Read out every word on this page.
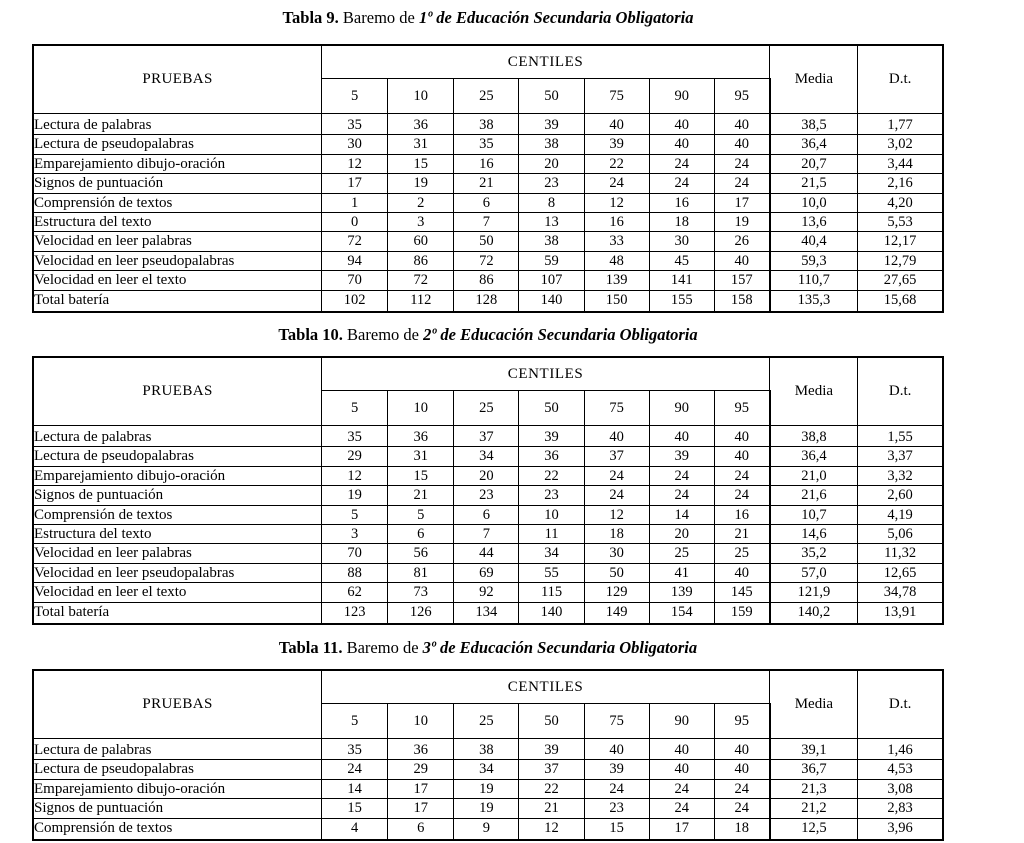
Tabla 9. Baremo de 1º de Educación Secundaria Obligatoria
PRUEBAS	CENTILES							Media	D.t.
	5	10	25	50	75	90	95		
Lectura de palabras	35	36	38	39	40	40	40	38,5	1,77
Lectura de pseudopalabras	30	31	35	38	39	40	40	36,4	3,02
Emparejamiento dibujo-oración	12	15	16	20	22	24	24	20,7	3,44
Signos de puntuación	17	19	21	23	24	24	24	21,5	2,16
Comprensión de textos	1	2	6	8	12	16	17	10,0	4,20
Estructura del texto	0	3	7	13	16	18	19	13,6	5,53
Velocidad en leer palabras	72	60	50	38	33	30	26	40,4	12,17
Velocidad en leer pseudopalabras	94	86	72	59	48	45	40	59,3	12,79
Velocidad en leer el texto	70	72	86	107	139	141	157	110,7	27,65
Total batería	102	112	128	140	150	155	158	135,3	15,68
Tabla 10. Baremo de 2º de Educación Secundaria Obligatoria
PRUEBAS	CENTILES							Media	D.t.
	5	10	25	50	75	90	95		
Lectura de palabras	35	36	37	39	40	40	40	38,8	1,55
Lectura de pseudopalabras	29	31	34	36	37	39	40	36,4	3,37
Emparejamiento dibujo-oración	12	15	20	22	24	24	24	21,0	3,32
Signos de puntuación	19	21	23	23	24	24	24	21,6	2,60
Comprensión de textos	5	5	6	10	12	14	16	10,7	4,19
Estructura del texto	3	6	7	11	18	20	21	14,6	5,06
Velocidad en leer palabras	70	56	44	34	30	25	25	35,2	11,32
Velocidad en leer pseudopalabras	88	81	69	55	50	41	40	57,0	12,65
Velocidad en leer el texto	62	73	92	115	129	139	145	121,9	34,78
Total batería	123	126	134	140	149	154	159	140,2	13,91
Tabla 11. Baremo de 3º de Educación Secundaria Obligatoria
PRUEBAS	CENTILES							Media	D.t.
	5	10	25	50	75	90	95		
Lectura de palabras	35	36	38	39	40	40	40	39,1	1,46
Lectura de pseudopalabras	24	29	34	37	39	40	40	36,7	4,53
Emparejamiento dibujo-oración	14	17	19	22	24	24	24	21,3	3,08
Signos de puntuación	15	17	19	21	23	24	24	21,2	2,83
Comprensión de textos	4	6	9	12	15	17	18	12,5	3,96
